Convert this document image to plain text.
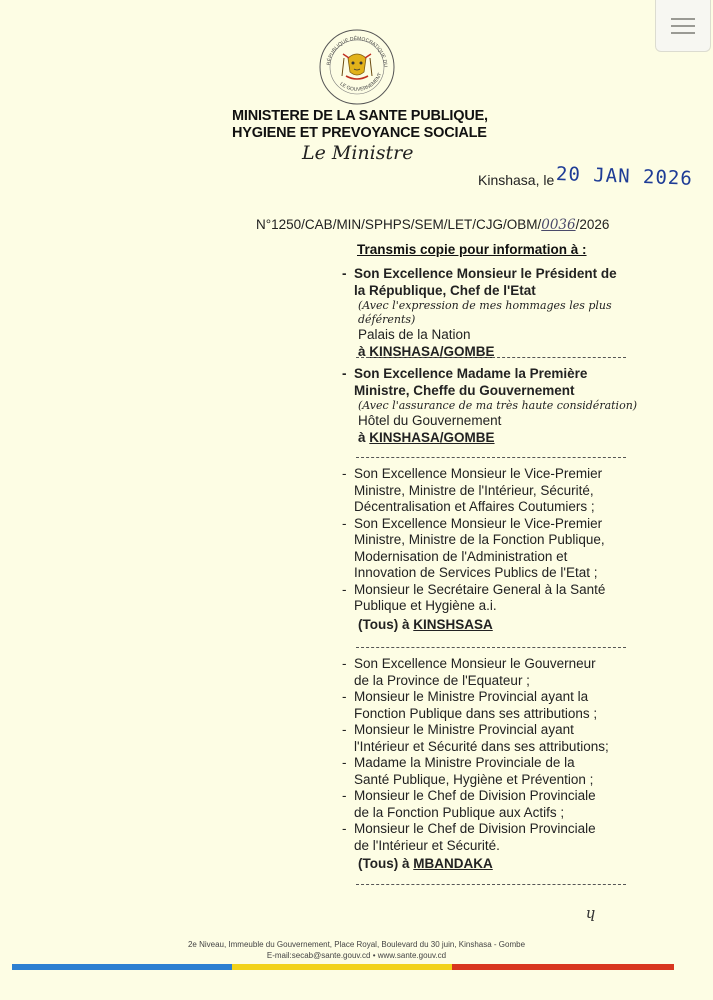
RÉPUBLIQUE DÉMOCRATIQUE DU
LE GOUVERNEMENT
MINISTERE DE LA SANTE PUBLIQUE,
HYGIENE ET PREVOYANCE SOCIALE
Le Ministre
Kinshasa, le 20 JAN 2026
N°1250/CAB/MIN/SPHPS/SEM/LET/CJG/OBM/0036/2026
Transmis copie pour information à :
- Son Excellence Monsieur le Président de
la République, Chef de l'Etat
(Avec l'expression de mes hommages les plus déférents)
Palais de la Nation
à KINSHASA/GOMBE
- Son Excellence Madame la Première
Ministre, Cheffe du Gouvernement
(Avec l'assurance de ma très haute considération)
Hôtel du Gouvernement
à KINSHASA/GOMBE
- Son Excellence Monsieur le Vice-Premier
Ministre, Ministre de l'Intérieur, Sécurité,
Décentralisation et Affaires Coutumiers ;
- Son Excellence Monsieur le Vice-Premier
Ministre, Ministre de la Fonction Publique,
Modernisation de l'Administration et
Innovation de Services Publics de l'Etat ;
- Monsieur le Secrétaire General à la Santé
Publique et Hygiène a.i.
(Tous) à KINSHSASA
- Son Excellence Monsieur le Gouverneur
de la Province de l'Equateur ;
- Monsieur le Ministre Provincial ayant la
Fonction Publique dans ses attributions ;
- Monsieur le Ministre Provincial ayant
l'Intérieur et Sécurité dans ses attributions;
- Madame la Ministre Provinciale de la
Santé Publique, Hygiène et Prévention ;
- Monsieur le Chef de Division Provinciale
de la Fonction Publique aux Actifs ;
- Monsieur le Chef de Division Provinciale
de l'Intérieur et Sécurité.
(Tous) à MBANDAKA
ɥ
2e Niveau, Immeuble du Gouvernement, Place Royal, Boulevard du 30 juin, Kinshasa - Gombe
E-mail:secab@sante.gouv.cd • www.sante.gouv.cd
